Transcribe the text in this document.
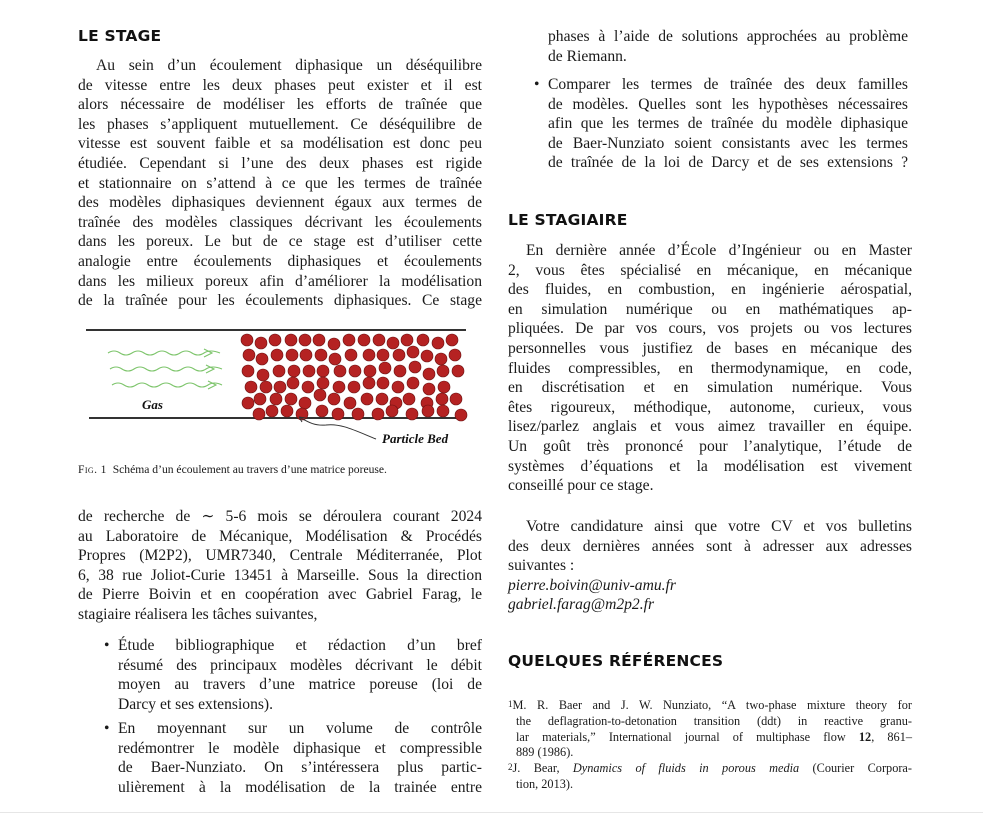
LE STAGE
Au sein d’un écoulement diphasique un déséquilibre
de vitesse entre les deux phases peut exister et il est
alors nécessaire de modéliser les efforts de traînée que
les phases s’appliquent mutuellement. Ce déséquilibre de
vitesse est souvent faible et sa modélisation est donc peu
étudiée. Cependant si l’une des deux phases est rigide
et stationnaire on s’attend à ce que les termes de traînée
des modèles diphasiques deviennent égaux aux termes de
traînée des modèles classiques décrivant les écoulements
dans les poreux. Le but de ce stage est d’utiliser cette
analogie entre écoulements diphasiques et écoulements
dans les milieux poreux afin d’améliorer la modélisation
de la traînée pour les écoulements diphasiques. Ce stage
Gas
Particle Bed

Fig. 1 Schéma d’un écoulement au travers d’une matrice poreuse.

de recherche de ∼ 5-6 mois se déroulera courant 2024
au Laboratoire de Mécanique, Modélisation & Procédés
Propres (M2P2), UMR7340, Centrale Méditerranée, Plot
6, 38 rue Joliot-Curie 13451 à Marseille. Sous la direction
de Pierre Boivin et en coopération avec Gabriel Farag, le
stagiaire réalisera les tâches suivantes,
• Étude bibliographique et rédaction d’un bref
résumé des principaux modèles décrivant le débit
moyen au travers d’une matrice poreuse (loi de
Darcy et ses extensions).
• En moyennant sur un volume de contrôle
redémontrer le modèle diphasique et compressible
de Baer-Nunziato. On s’intéressera plus partic-
ulièrement à la modélisation de la trainée entre
phases à l’aide de solutions approchées au problème
de Riemann.
• Comparer les termes de traînée des deux familles
de modèles. Quelles sont les hypothèses nécessaires
afin que les termes de traînée du modèle diphasique
de Baer-Nunziato soient consistants avec les termes
de traînée de la loi de Darcy et de ses extensions ?
LE STAGIAIRE
En dernière année d’École d’Ingénieur ou en Master
2, vous êtes spécialisé en mécanique, en mécanique
des fluides, en combustion, en ingénierie aérospatial,
en simulation numérique ou en mathématiques ap-
pliquées. De par vos cours, vos projets ou vos lectures
personnelles vous justifiez de bases en mécanique des
fluides compressibles, en thermodynamique, en code,
en discrétisation et en simulation numérique. Vous
êtes rigoureux, méthodique, autonome, curieux, vous
lisez/parlez anglais et vous aimez travailler en équipe.
Un goût très prononcé pour l’analytique, l’étude de
systèmes d’équations et la modélisation est vivement
conseillé pour ce stage.
Votre candidature ainsi que votre CV et vos bulletins
des deux dernières années sont à adresser aux adresses
suivantes :
pierre.boivin@univ-amu.fr
gabriel.farag@m2p2.fr
QUELQUES RÉFÉRENCES
$^1$M. R. Baer and J. W. Nunziato, “A two-phase mixture theory for
the deflagration-to-detonation transition (ddt) in reactive granu-
lar materials,” International journal of multiphase flow 12, 861–
889 (1986).
$^2$J. Bear, Dynamics of fluids in porous media (Courier Corpora-
tion, 2013).
